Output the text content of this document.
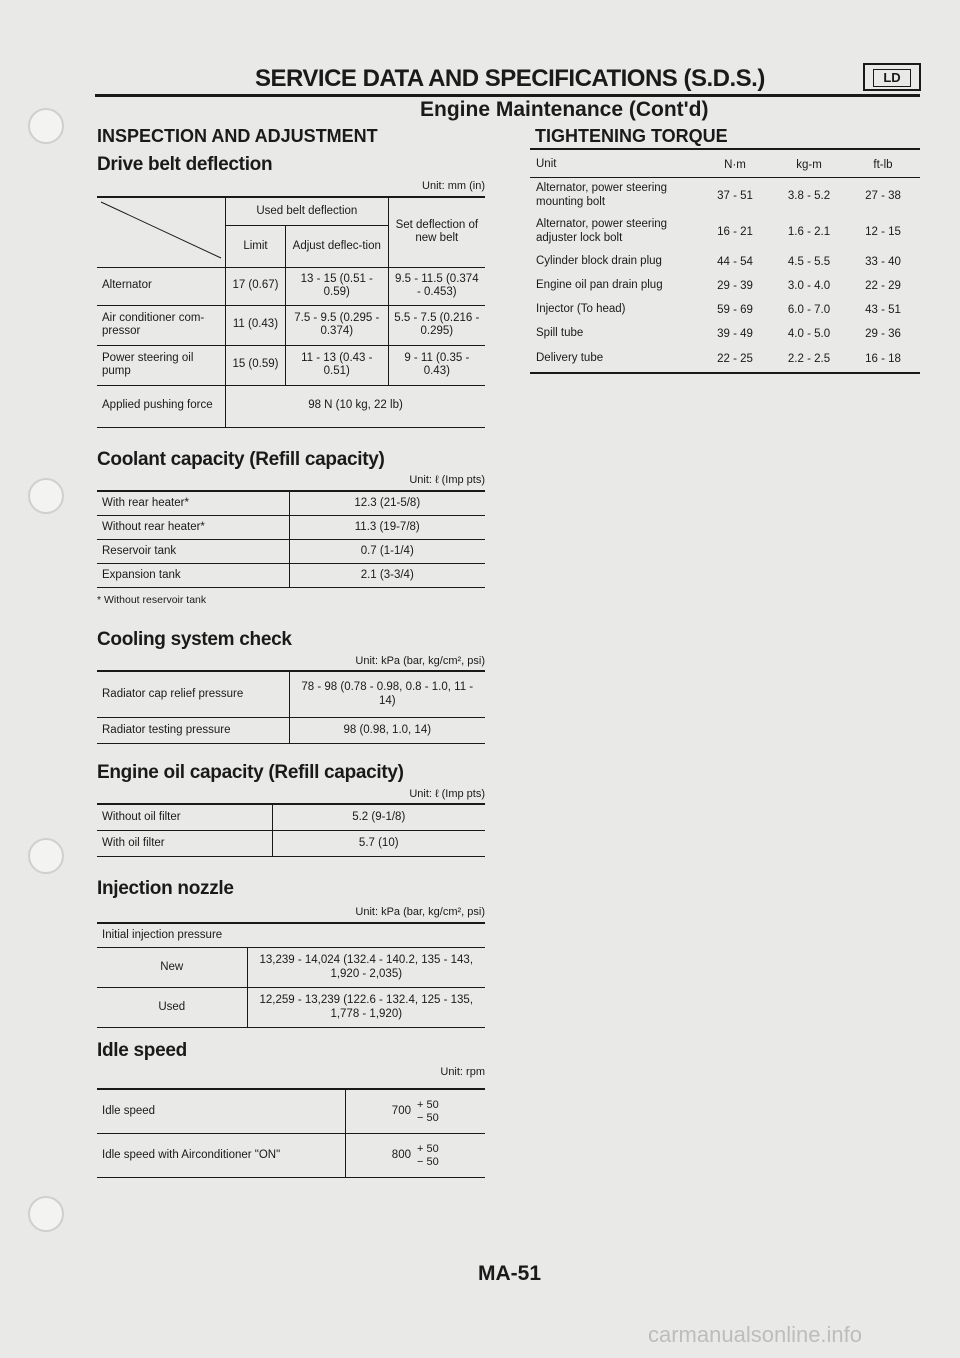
SERVICE DATA AND SPECIFICATIONS (S.D.S.)	LD
Engine Maintenance (Cont'd)
INSPECTION AND ADJUSTMENT	TIGHTENING TORQUE
Drive belt deflection
Unit: mm (in)
	Used belt deflection		Set deflection of new belt
	Limit	Adjust deflec-tion	
Alternator	17 (0.67)	13 - 15 (0.51 - 0.59)	9.5 - 11.5 (0.374 - 0.453)
Air conditioner com-pressor	11 (0.43)	7.5 - 9.5 (0.295 - 0.374)	5.5 - 7.5 (0.216 - 0.295)
Power steering oil pump	15 (0.59)	11 - 13 (0.43 - 0.51)	9 - 11 (0.35 - 0.43)
Applied pushing force	98 N (10 kg, 22 lb)		
Coolant capacity (Refill capacity)
Unit: ℓ (Imp pts)
With rear heater*	12.3 (21-5/8)
Without rear heater*	11.3 (19-7/8)
Reservoir tank	0.7 (1-1/4)
Expansion tank	2.1 (3-3/4)
* Without reservoir tank
Cooling system check
Unit: kPa (bar, kg/cm², psi)
Radiator cap relief pressure	78 - 98 (0.78 - 0.98, 0.8 - 1.0, 11 - 14)
Radiator testing pressure	98 (0.98, 1.0, 14)
Engine oil capacity (Refill capacity)
Unit: ℓ (Imp pts)
Without oil filter	5.2 (9-1/8)
With oil filter	5.7 (10)
Injection nozzle
Unit: kPa (bar, kg/cm², psi)
Initial injection pressure	
New	13,239 - 14,024 (132.4 - 140.2, 135 - 143, 1,920 - 2,035)
Used	12,259 - 13,239 (122.6 - 132.4, 125 - 135, 1,778 - 1,920)
Idle speed
Unit: rpm
Idle speed	700+ 50
− 50
Idle speed with Airconditioner "ON"	800+ 50
− 50
Unit	N·m	kg-m	ft-lb
Alternator, power steering mounting bolt	37 - 51	3.8 - 5.2	27 - 38
Alternator, power steering adjuster lock bolt	16 - 21	1.6 - 2.1	12 - 15
Cylinder block drain plug	44 - 54	4.5 - 5.5	33 - 40
Engine oil pan drain plug	29 - 39	3.0 - 4.0	22 - 29
Injector (To head)	59 - 69	6.0 - 7.0	43 - 51
Spill tube	39 - 49	4.0 - 5.0	29 - 36
Delivery tube	22 - 25	2.2 - 2.5	16 - 18
MA-51
carmanualsonline.info
